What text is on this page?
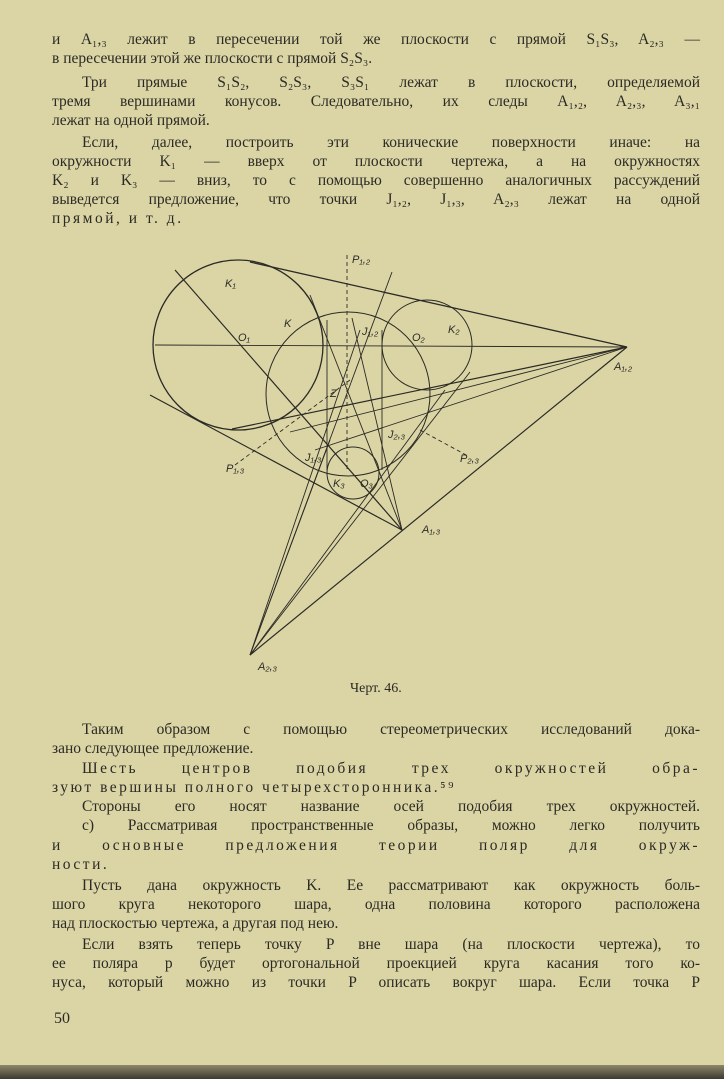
и A₁,₃ лежит в пересечении той же плоскости с прямой S₁S₃, A₂,₃ —
в пересечении этой же плоскости с прямой S₂S₃.
Три прямые S₁S₂, S₂S₃, S₃S₁ лежат в плоскости, определяемой
тремя вершинами конусов. Следовательно, их следы A₁,₂, A₂,₃, A₃,₁
лежат на одной прямой.
Если, далее, построить эти конические поверхности иначе: на
окружности K₁ — вверх от плоскости чертежа, а на окружностях
K₂ и K₃ — вниз, то с помощью совершенно аналогичных рассуждений
выведется предложение, что точки J₁,₂, J₁,₃, A₂,₃ лежат на одной
прямой, и т. д.
K₁
K
O₁
P₁,₂
J₁,₂	O₂
K₂
A₁,₂
Z
J₂,₃
P₂,₃
P₁,₃
J₁,₃
K₃ O₃
A₁,₃
A₂,₃
Черт. 46.
Таким образом с помощью стереометрических исследований дока-
зано следующее предложение.
Шесть центров подобия трех окружностей обра-
зуют вершины полного четырехсторонника.⁵⁹
Стороны его носят название осей подобия трех окружностей.
c) Рассматривая пространственные образы, можно легко получить
и основные предложения теории поляр для окруж-
ности.
Пусть дана окружность K. Ее рассматривают как окружность боль-
шого круга некоторого шара, одна половина которого расположена
над плоскостью чертежа, а другая под нею.
Если взять теперь точку P вне шара (на плоскости чертежа), то
ее поляра p будет ортогональной проекцией круга касания того ко-
нуса, который можно из точки P описать вокруг шара. Если точка P
50
